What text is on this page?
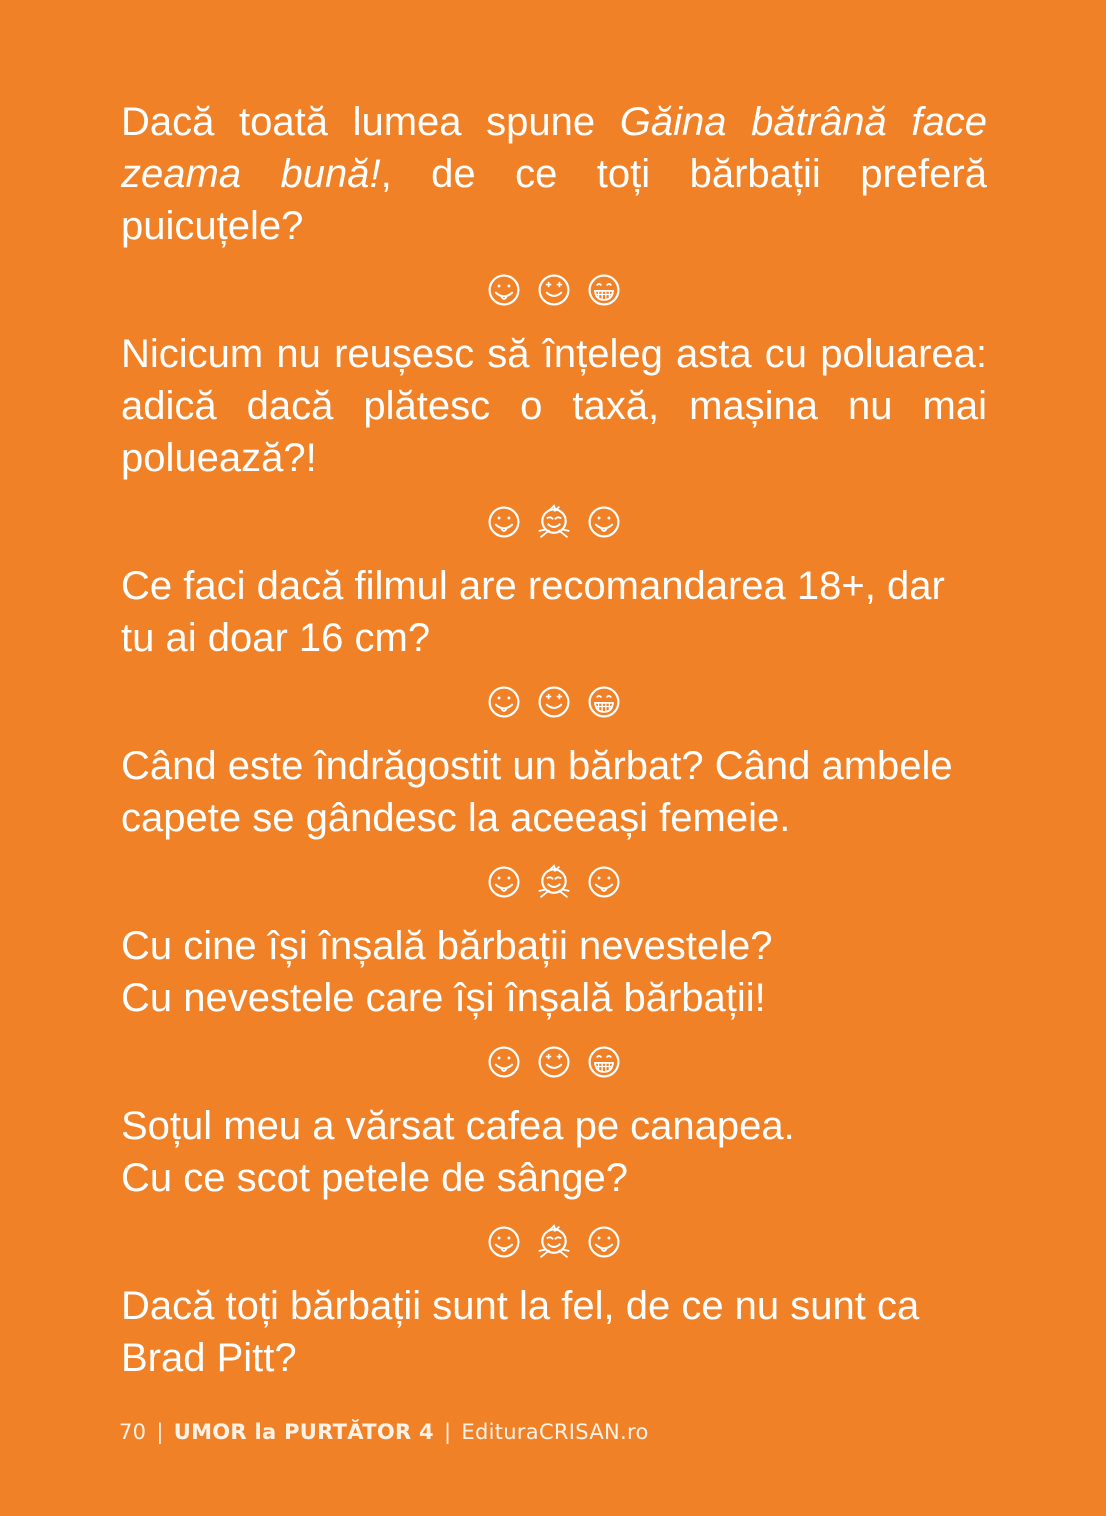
Dacă toată lumea spune Găina bătrână face zeama bună!, de ce toți bărbații preferă puicuțele?

Nicicum nu reușesc să înțeleg asta cu poluarea: adică dacă plătesc o taxă, mașina nu mai poluează?!

Ce faci dacă filmul are recomandarea 18+, dar
tu ai doar 16 cm?

Când este îndrăgostit un bărbat? Când ambele
capete se gândesc la aceeași femeie.

Cu cine își înșală bărbații nevestele?
Cu nevestele care își înșală bărbații!

Soțul meu a vărsat cafea pe canapea.
Cu ce scot petele de sânge?

Dacă toți bărbații sunt la fel, de ce nu sunt ca
Brad Pitt?

70 | UMOR la PURTĂTOR 4 | EdituraCRISAN.ro
